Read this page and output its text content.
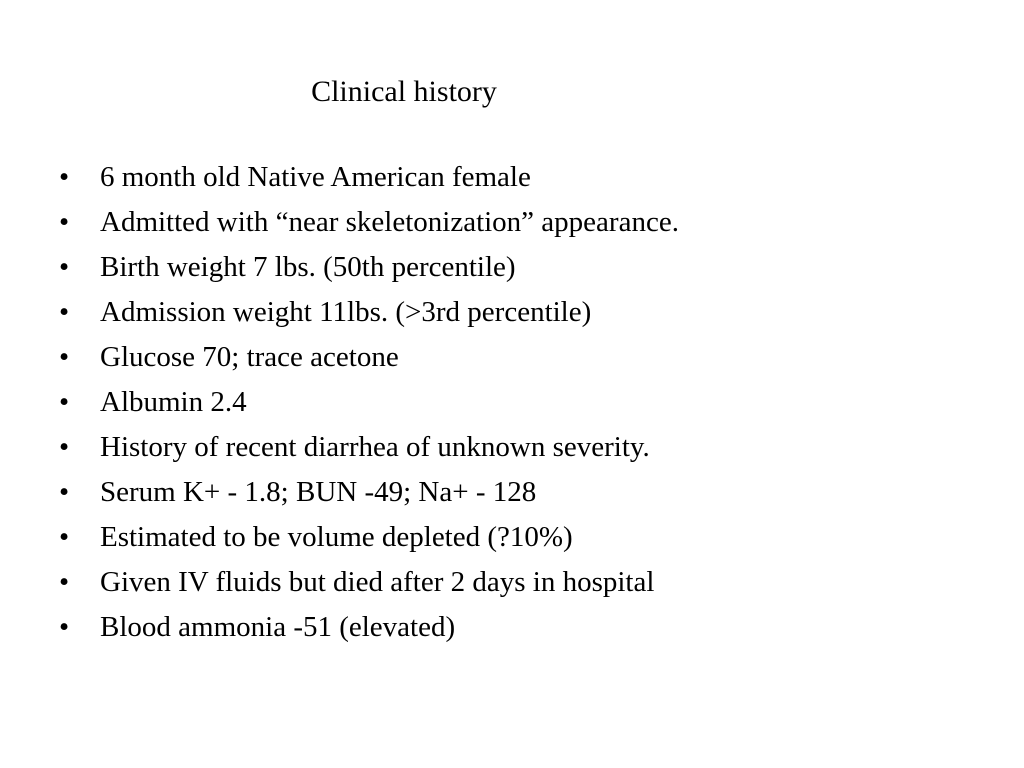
Clinical history
•	6 month old Native American female
•	Admitted with “near skeletonization” appearance.
•	Birth weight 7 lbs. (50th percentile)
•	Admission weight 11lbs. (>3rd percentile)
•	Glucose 70; trace acetone
•	Albumin 2.4
•	History of recent diarrhea of unknown severity.
•	Serum K+ - 1.8; BUN -49; Na+ - 128
•	Estimated to be volume depleted (?10%)
•	Given IV fluids but died after 2 days in hospital
•	Blood ammonia -51 (elevated)
